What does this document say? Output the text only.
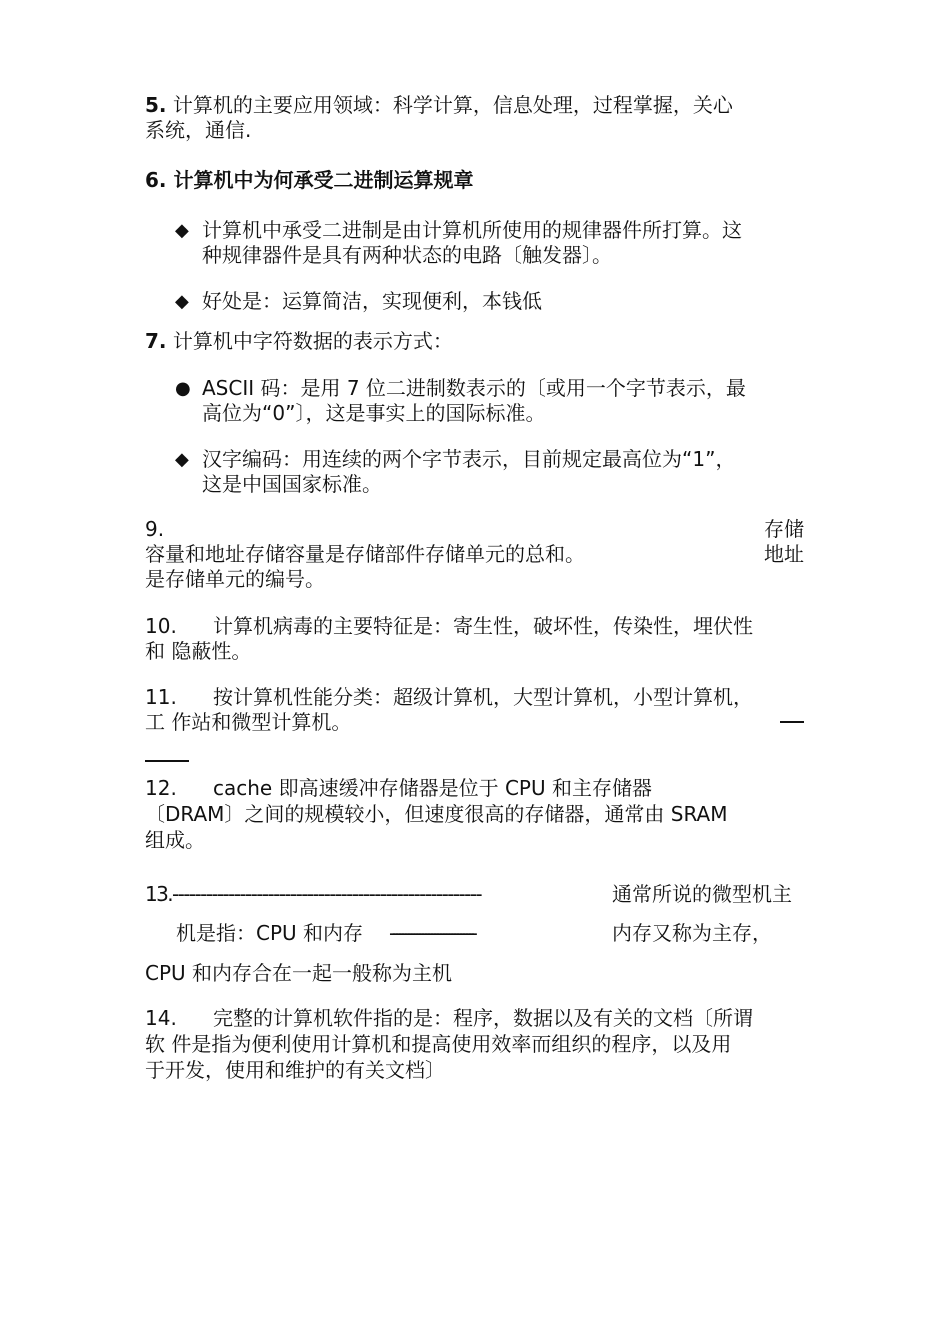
5. 计算机的主要应用领域：科学计算，信息处理，过程掌握，关心
系统，通信.
6. 计算机中为何承受二进制运算规章
◆ 计算机中承受二进制是由计算机所使用的规律器件所打算。这
种规律器件是具有两种状态的电路〔触发器〕。
◆ 好处是：运算简洁，实现便利，本钱低
7. 计算机中字符数据的表示方式：
● ASCII 码：是用 7 位二进制数表示的〔或用一个字节表示，最
高位为“0”〕，这是事实上的国际标准。
◆ 汉字编码：用连续的两个字节表示，目前规定最高位为“1”，
这是中国国家标准。
9.	存储
容量和地址存储容量是存储部件存储单元的总和。	地址
是存储单元的编号。
10. 计算机病毒的主要特征是：寄生性，破坏性，传染性，埋伏性
和 隐蔽性。
11. 按计算机性能分类：超级计算机，大型计算机，小型计算机，
工 作站和微型计算机。
12. cache 即高速缓冲存储器是位于 CPU 和主存储器
〔DRAM〕之间的规模较小，但速度很高的存储器，通常由 SRAM
组成。
13.-------------------------------------------------------	通常所说的微型机主
机是指：CPU 和内存 -----------------------------	内存又称为主存，
CPU 和内存合在一起一般称为主机
14. 完整的计算机软件指的是：程序，数据以及有关的文档〔所谓
软 件是指为便利使用计算机和提高使用效率而组织的程序，以及用
于开发，使用和维护的有关文档〕
